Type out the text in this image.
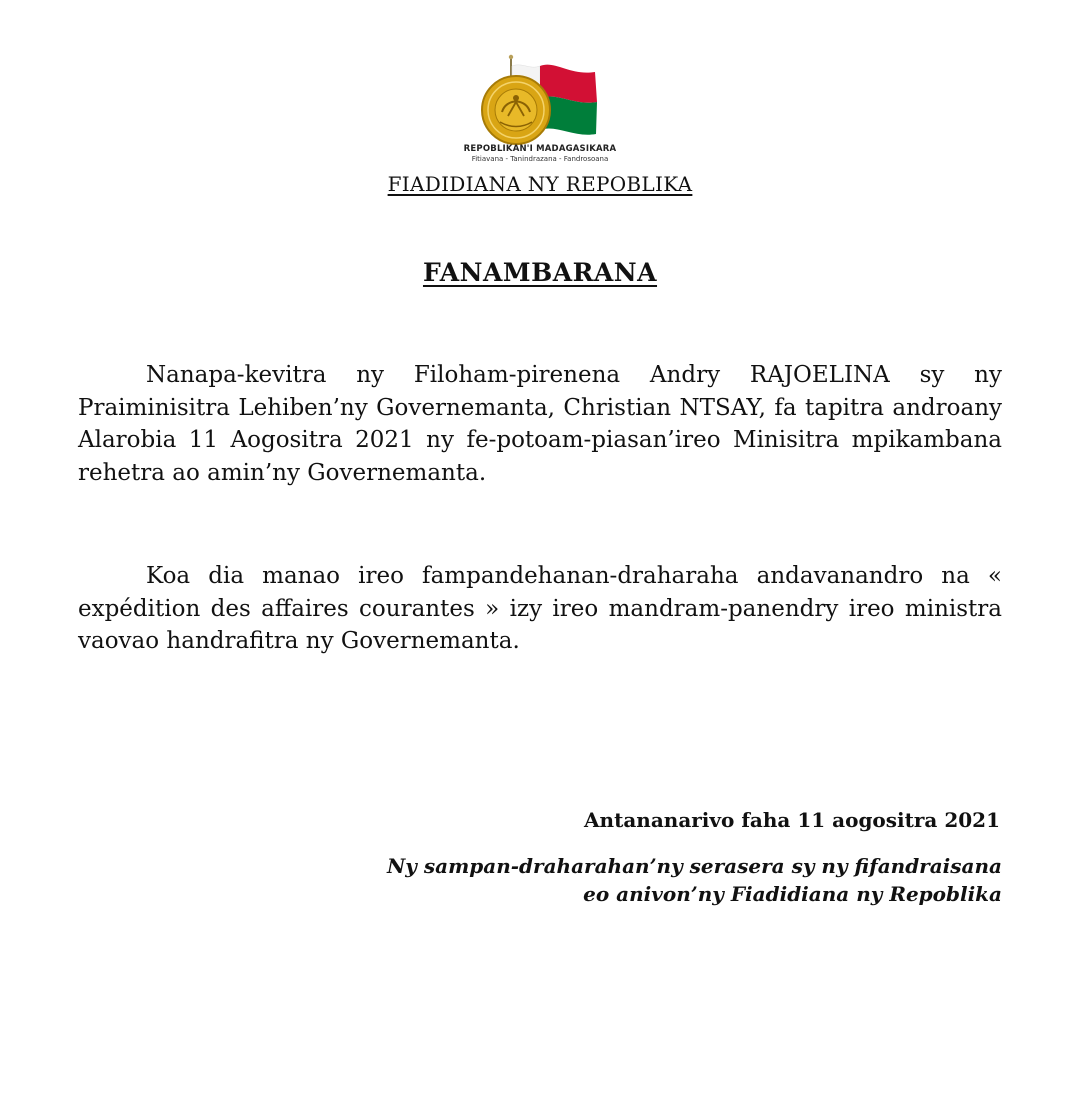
REPOBLIKAN'I MADAGASIKARA
Fitiavana - Tanindrazana - Fandrosoana
FIADIDIANA NY REPOBLIKA
FANAMBARANA

Nanapa-kevitra ny Filoham-pirenena Andry RAJOELINA sy ny Praiminisitra Lehiben’ny Governemanta, Christian NTSAY, fa tapitra androany Alarobia 11 Aogositra 2021 ny fe-potoam-piasan’ireo Minisitra mpikambana rehetra ao amin’ny Governemanta.

Koa dia manao ireo fampandehanan-draharaha andavanandro na « expédition des affaires courantes » izy ireo mandram-panendry ireo ministra vaovao handrafitra ny Governemanta.

Antananarivo faha 11 aogositra 2021
Ny sampan-draharahan’ny serasera sy ny fifandraisana
eo anivon’ny Fiadidiana ny Repoblika
